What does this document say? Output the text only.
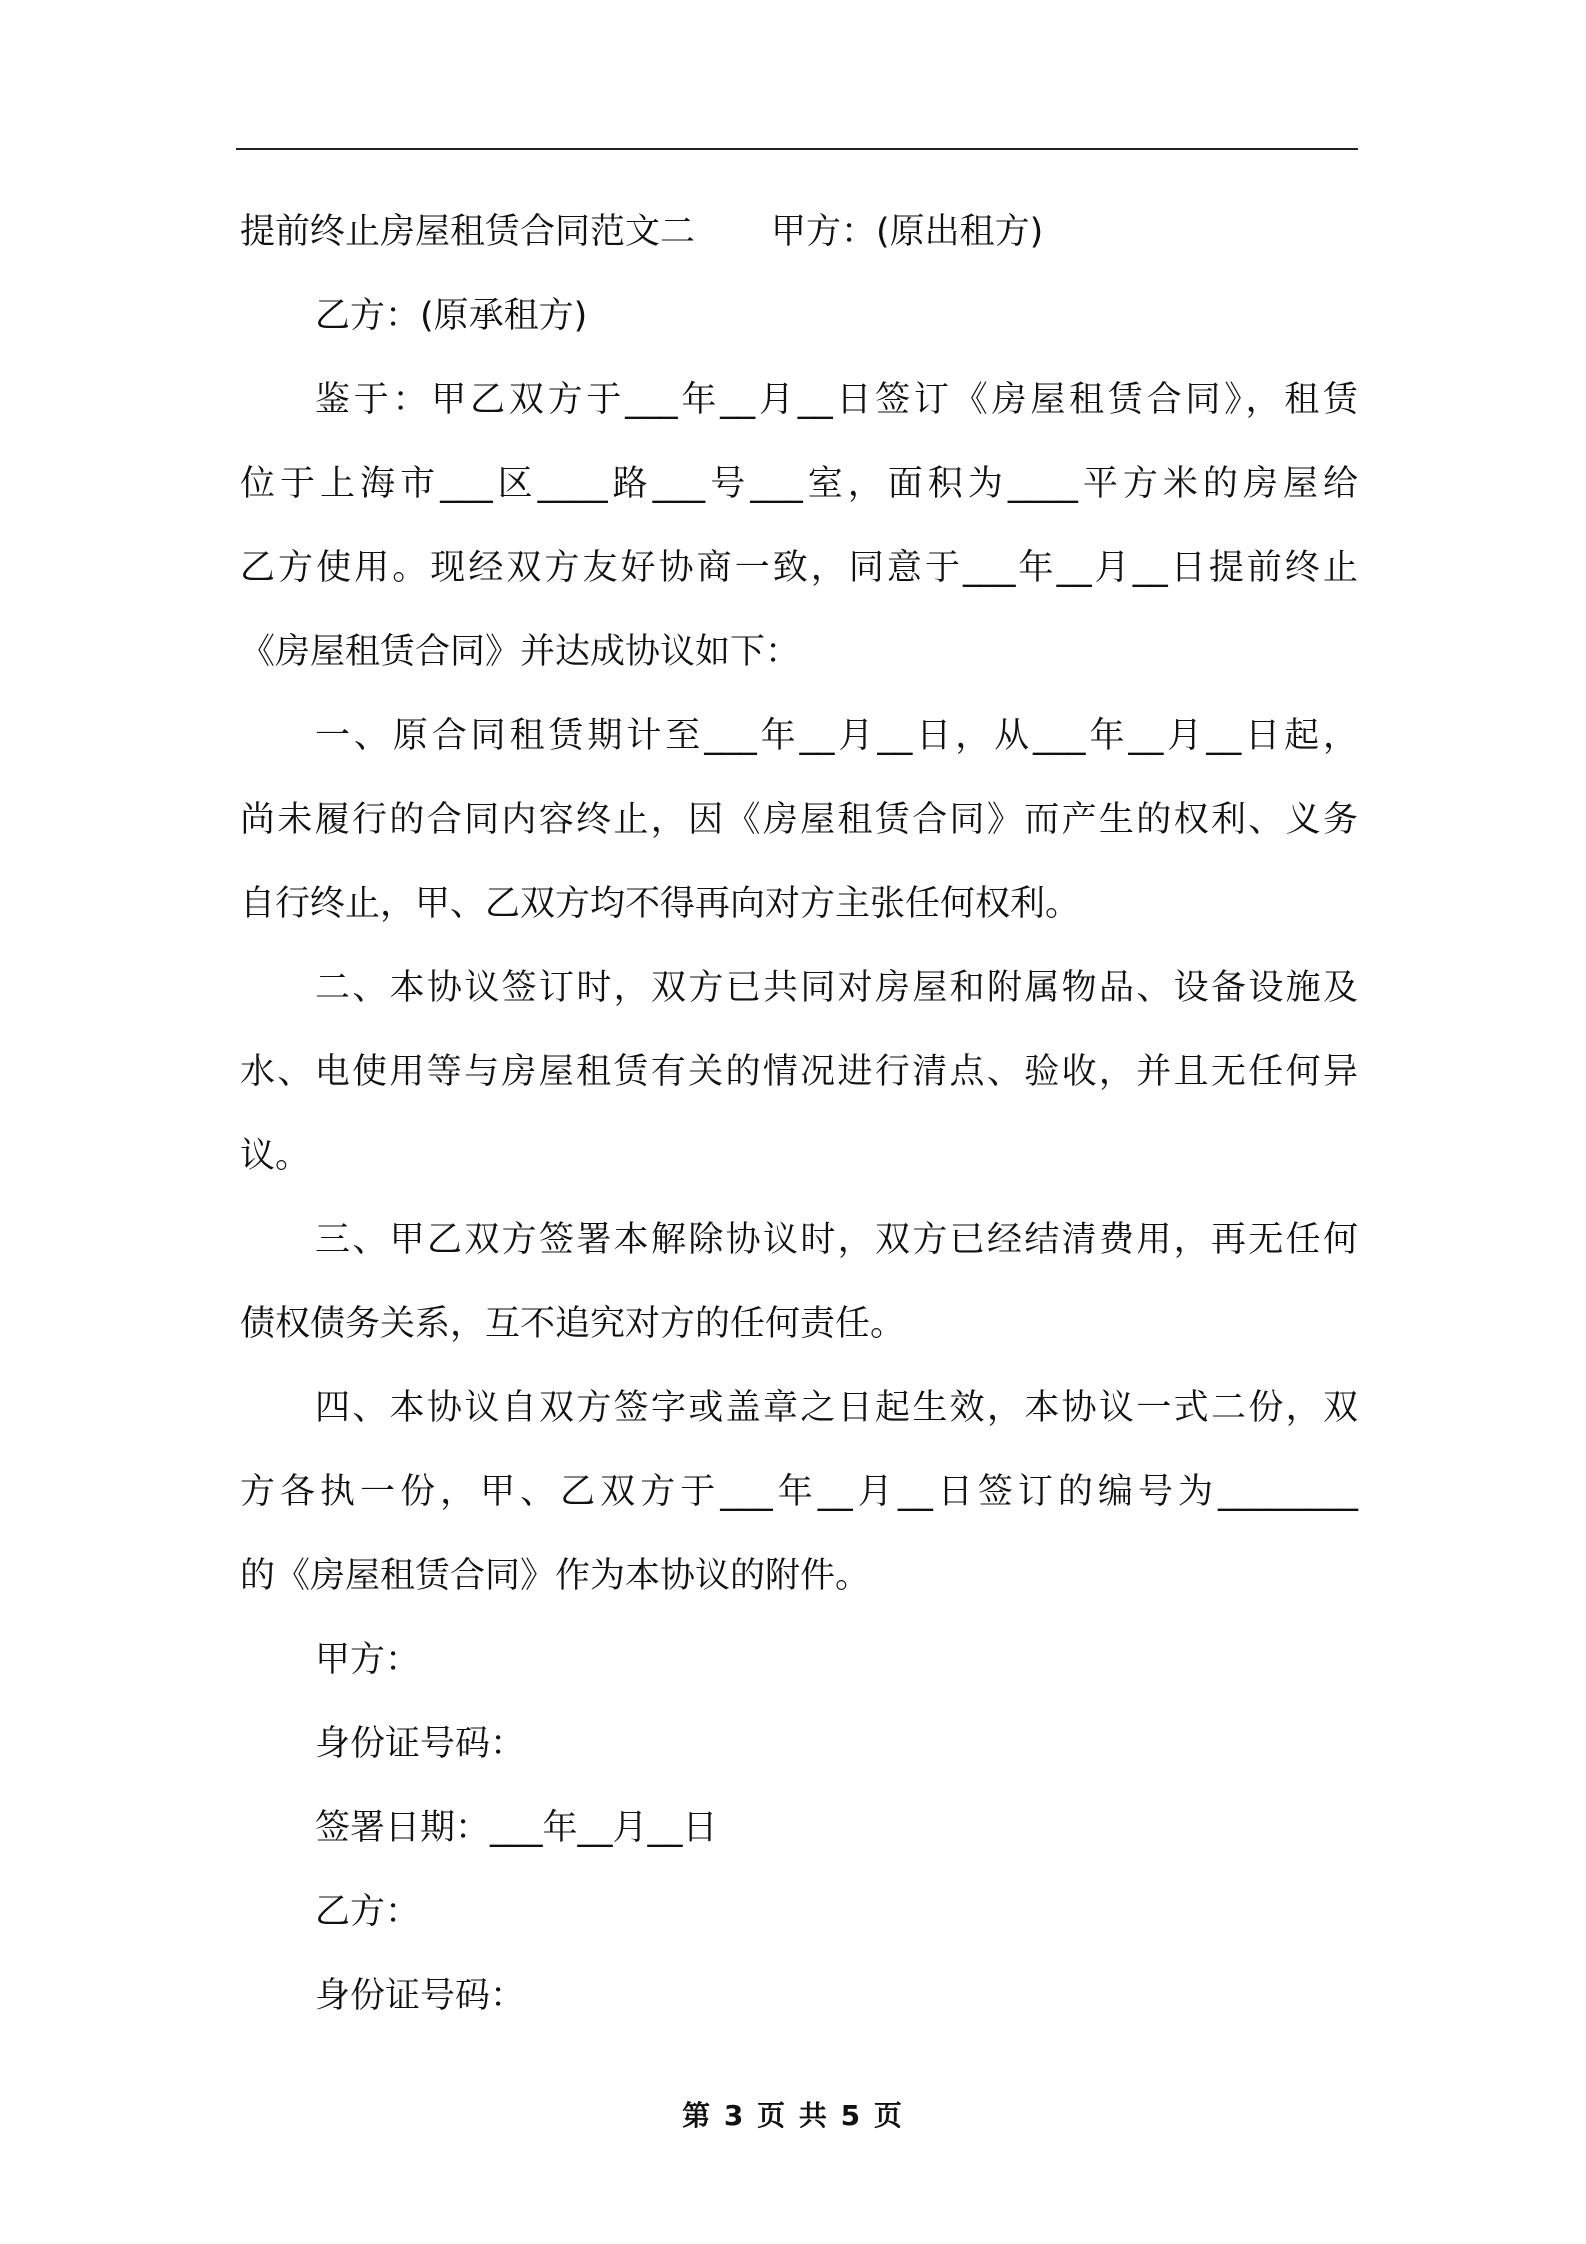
提前终止房屋租赁合同范文二 甲方：(原出租方)

乙方：(原承租方)

鉴于：甲乙双方于___年__月__日签订《房屋租赁合同》，租赁

位于上海市___区____路___号___室，面积为____平方米的房屋给

乙方使用。现经双方友好协商一致，同意于___年__月__日提前终止

《房屋租赁合同》并达成协议如下：

一、原合同租赁期计至___年__月__日，从___年__月__日起，

尚未履行的合同内容终止，因《房屋租赁合同》而产生的权利、义务

自行终止，甲、乙双方均不得再向对方主张任何权利。

二、本协议签订时，双方已共同对房屋和附属物品、设备设施及

水、电使用等与房屋租赁有关的情况进行清点、验收，并且无任何异

议。

三、甲乙双方签署本解除协议时，双方已经结清费用，再无任何

债权债务关系，互不追究对方的任何责任。

四、本协议自双方签字或盖章之日起生效，本协议一式二份，双

方各执一份，甲、乙双方于___年__月__日签订的编号为________

的《房屋租赁合同》作为本协议的附件。

甲方：

身份证号码：

签署日期：___年__月__日

乙方：

身份证号码：

第 3 页 共 5 页
